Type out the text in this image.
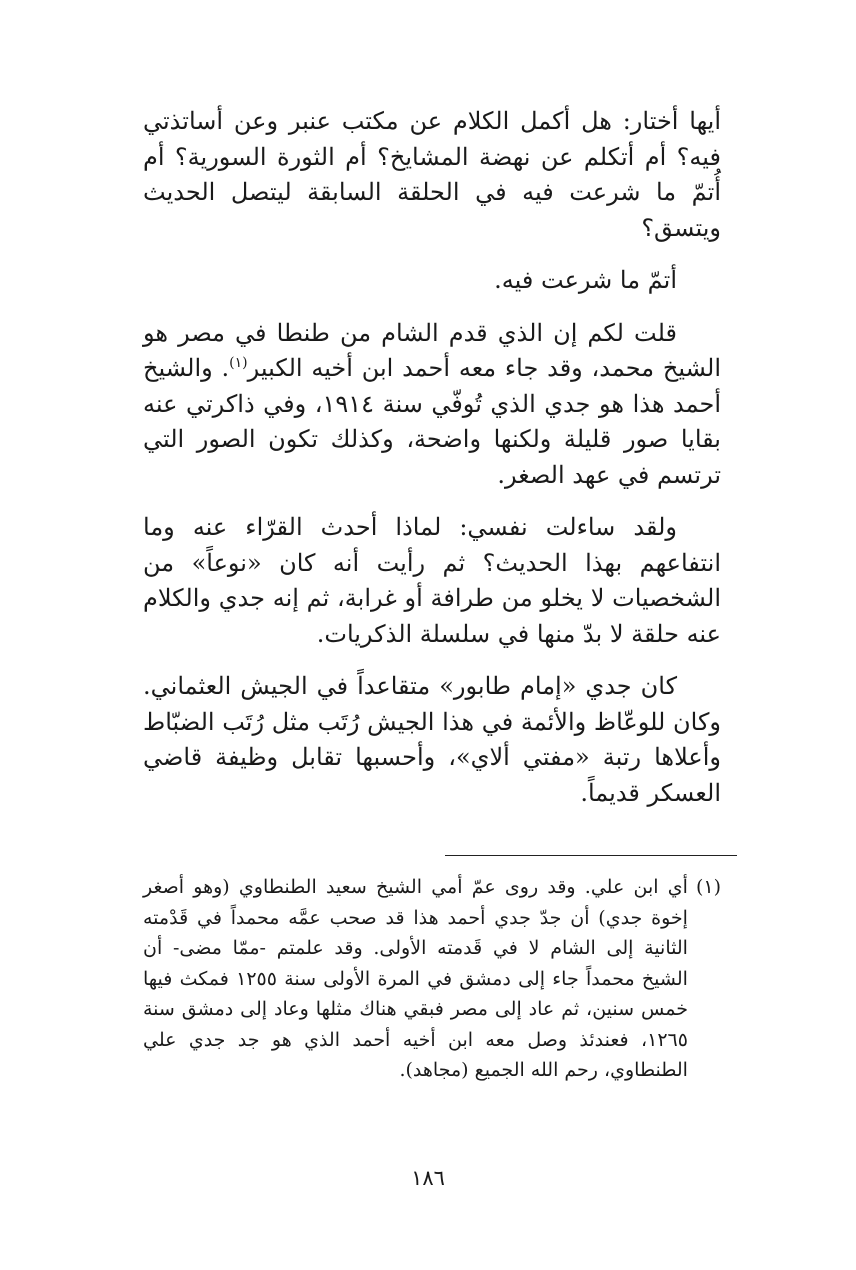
أيها أختار: هل أكمل الكلام عن مكتب عنبر وعن أساتذتي فيه؟ أم أتكلم عن نهضة المشايخ؟ أم الثورة السورية؟ أم أُتمّ ما شرعت فيه في الحلقة السابقة ليتصل الحديث ويتسق؟

أتمّ ما شرعت فيه.

قلت لكم إن الذي قدم الشام من طنطا في مصر هو الشيخ محمد، وقد جاء معه أحمد ابن أخيه الكبير$^{(١)}$. والشيخ أحمد هذا هو جدي الذي تُوفّي سنة ١٩١٤، وفي ذاكرتي عنه بقايا صور قليلة ولكنها واضحة، وكذلك تكون الصور التي ترتسم في عهد الصغر.

ولقد ساءلت نفسي: لماذا أحدث القرّاء عنه وما انتفاعهم بهذا الحديث؟ ثم رأيت أنه كان «نوعاً» من الشخصيات لا يخلو من طرافة أو غرابة، ثم إنه جدي والكلام عنه حلقة لا بدّ منها في سلسلة الذكريات.

كان جدي «إمام طابور» متقاعداً في الجيش العثماني. وكان للوعّاظ والأئمة في هذا الجيش رُتَب مثل رُتَب الضبّاط وأعلاها رتبة «مفتي ألاي»، وأحسبها تقابل وظيفة قاضي العسكر قديماً.

(١)
أي ابن علي. وقد روى عمّ أمي الشيخ سعيد الطنطاوي (وهو أصغر إخوة جدي) أن جدّ جدي أحمد هذا قد صحب عمَّه محمداً في قَدْمته الثانية إلى الشام لا في قَدمته الأولى. وقد علمتم -ممّا مضى- أن الشيخ محمداً جاء إلى دمشق في المرة الأولى سنة ١٢٥٥ فمكث فيها خمس سنين، ثم عاد إلى مصر فبقي هناك مثلها وعاد إلى دمشق سنة ١٢٦٥، فعندئذ وصل معه ابن أخيه أحمد الذي هو جد جدي علي الطنطاوي، رحم الله الجميع (مجاهد).
١٨٦
